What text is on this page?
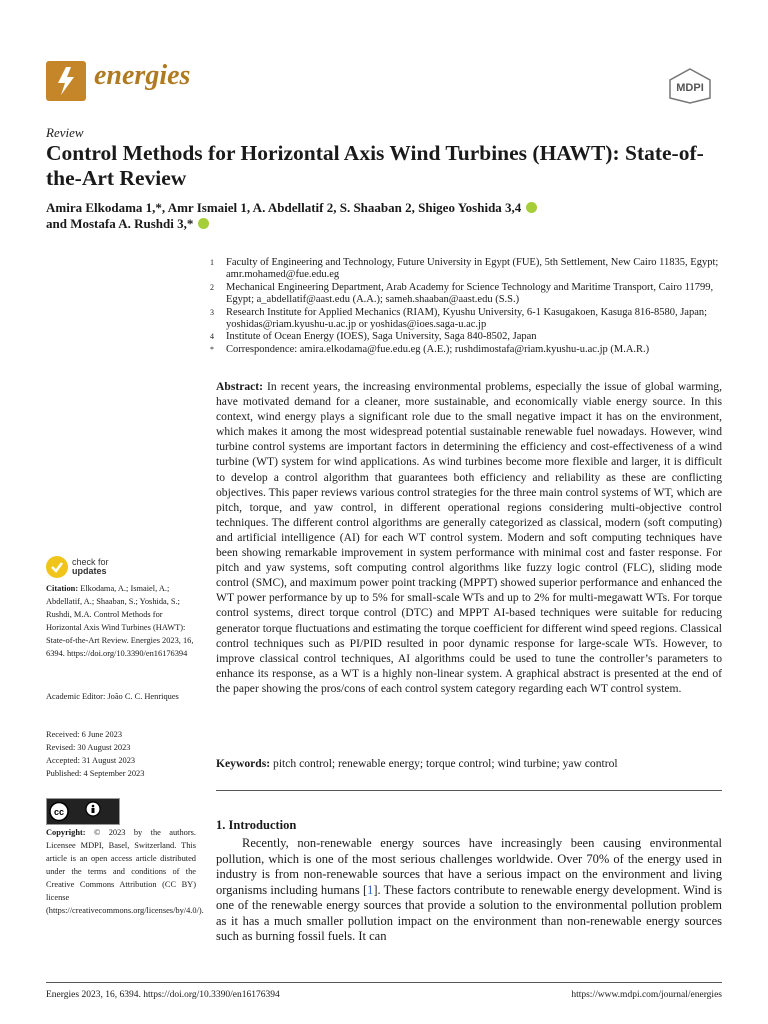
energies	MDPI
Review
Control Methods for Horizontal Axis Wind Turbines (HAWT): State-of-the-Art Review
Amira Elkodama 1,*, Amr Ismaiel 1, A. Abdellatif 2, S. Shaaban 2, Shigeo Yoshida 3,4
and Mostafa A. Rushdi 3,*
1	Faculty of Engineering and Technology, Future University in Egypt (FUE), 5th Settlement, New Cairo 11835, Egypt; amr.mohamed@fue.edu.eg
2	Mechanical Engineering Department, Arab Academy for Science Technology and Maritime Transport, Cairo 11799, Egypt; a_abdellatif@aast.edu (A.A.); sameh.shaaban@aast.edu (S.S.)
3	Research Institute for Applied Mechanics (RIAM), Kyushu University, 6-1 Kasugakoen, Kasuga 816-8580, Japan; yoshidas@riam.kyushu-u.ac.jp or yoshidas@ioes.saga-u.ac.jp
4	Institute of Ocean Energy (IOES), Saga University, Saga 840-8502, Japan
*	Correspondence: amira.elkodama@fue.edu.eg (A.E.); rushdimostafa@riam.kyushu-u.ac.jp (M.A.R.)
Abstract: In recent years, the increasing environmental problems, especially the issue of global warming, have motivated demand for a cleaner, more sustainable, and economically viable energy source. In this context, wind energy plays a significant role due to the small negative impact it has on the environment, which makes it among the most widespread potential sustainable renewable fuel nowadays. However, wind turbine control systems are important factors in determining the efficiency and cost-effectiveness of a wind turbine (WT) system for wind applications. As wind turbines become more flexible and larger, it is difficult to develop a control algorithm that guarantees both efficiency and reliability as these are conflicting objectives. This paper reviews various control strategies for the three main control systems of WT, which are pitch, torque, and yaw control, in different operational regions considering multi-objective control techniques. The different control algorithms are generally categorized as classical, modern (soft computing) and artificial intelligence (AI) for each WT control system. Modern and soft computing techniques have been showing remarkable improvement in system performance with minimal cost and faster response. For pitch and yaw systems, soft computing control algorithms like fuzzy logic control (FLC), sliding mode control (SMC), and maximum power point tracking (MPPT) showed superior performance and enhanced the WT power performance by up to 5% for small-scale WTs and up to 2% for multi-megawatt WTs. For torque control systems, direct torque control (DTC) and MPPT AI-based techniques were suitable for reducing generator torque fluctuations and estimating the torque coefficient for different wind speed regions. Classical control techniques such as PI/PID resulted in poor dynamic response for large-scale WTs. However, to improve classical control techniques, AI algorithms could be used to tune the controller’s parameters to enhance its response, as a WT is a highly non-linear system. A graphical abstract is presented at the end of the paper showing the pros/cons of each control system category regarding each WT control system.
Keywords: pitch control; renewable energy; torque control; wind turbine; yaw control
1. Introduction
Recently, non-renewable energy sources have increasingly been causing environmental pollution, which is one of the most serious challenges worldwide. Over 70% of the energy used in industry is from non-renewable sources that have a serious impact on the environment and living organisms including humans [1]. These factors contribute to renewable energy development. Wind is one of the renewable energy sources that provide a solution to the environmental pollution problem as it has a much smaller pollution impact on the environment than non-renewable energy sources such as burning fossil fuels. It can
check for
updates
Citation: Elkodama, A.; Ismaiel, A.; Abdellatif, A.; Shaaban, S.; Yoshida, S.; Rushdi, M.A. Control Methods for Horizontal Axis Wind Turbines (HAWT): State-of-the-Art Review. Energies 2023, 16, 6394. https://doi.org/10.3390/en16176394
Academic Editor: João C. C. Henriques
Received: 6 June 2023
Revised: 30 August 2023
Accepted: 31 August 2023
Published: 4 September 2023
cc
Copyright: © 2023 by the authors. Licensee MDPI, Basel, Switzerland. This article is an open access article distributed under the terms and conditions of the Creative Commons Attribution (CC BY) license (https://creativecommons.org/licenses/by/4.0/).
Energies 2023, 16, 6394. https://doi.org/10.3390/en16176394	https://www.mdpi.com/journal/energies
